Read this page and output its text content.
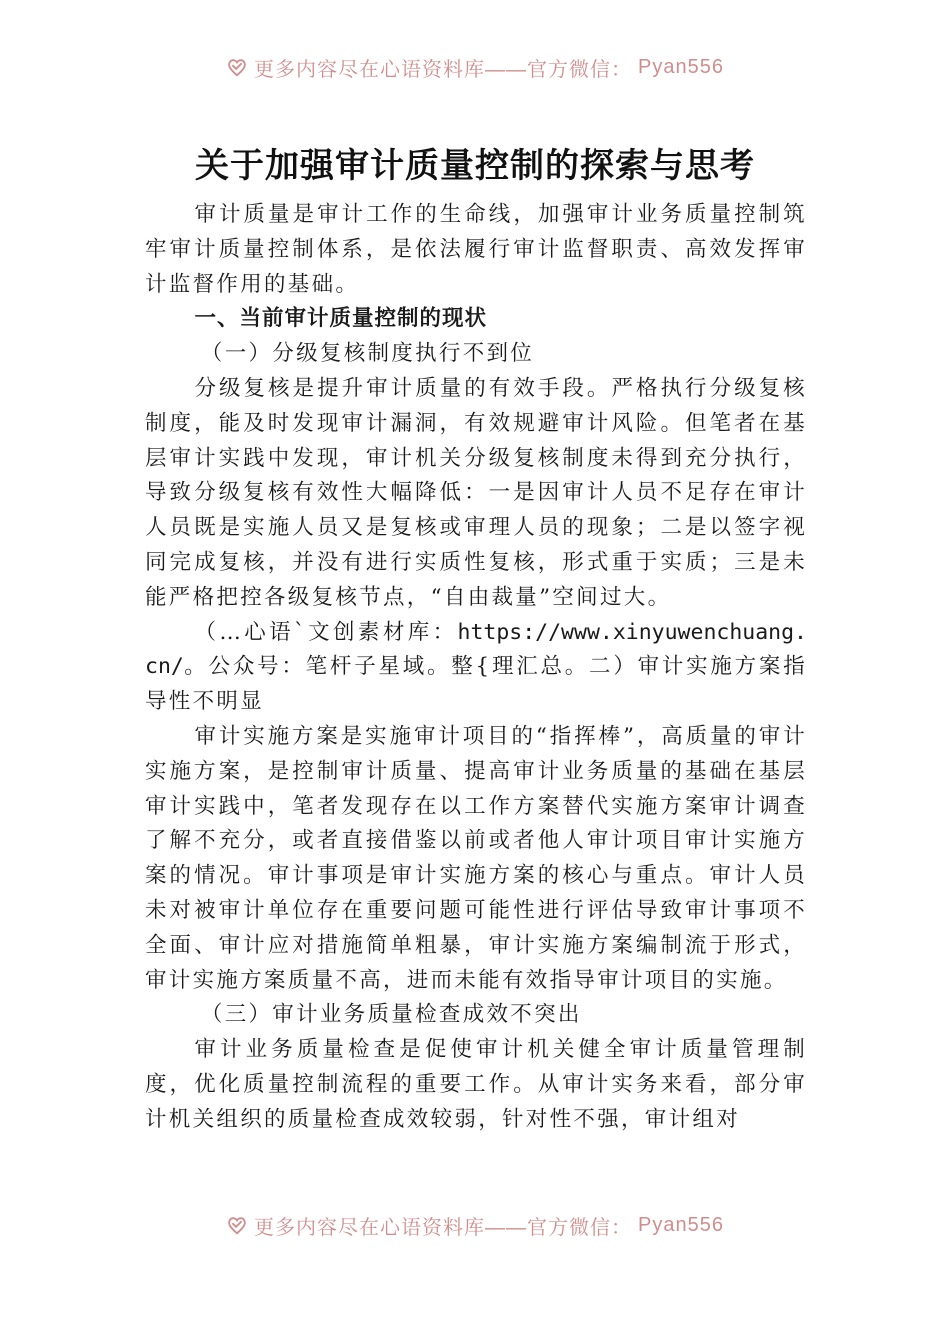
更多内容尽在心语资料库——官方微信： Pyan556
关于加强审计质量控制的探索与思考

审计质量是审计工作的生命线，加强审计业务质量控制筑牢审计质量控制体系，是依法履行审计监督职责、高效发挥审计监督作用的基础。

一、当前审计质量控制的现状

（一）分级复核制度执行不到位

分级复核是提升审计质量的有效手段。严格执行分级复核制度，能及时发现审计漏洞，有效规避审计风险。但笔者在基层审计实践中发现，审计机关分级复核制度未得到充分执行，导致分级复核有效性大幅降低：一是因审计人员不足存在审计人员既是实施人员又是复核或审理人员的现象；二是以签字视同完成复核，并没有进行实质性复核，形式重于实质；三是未能严格把控各级复核节点，“自由裁量”空间过大。

（…心语`文创素材库：https://www.xinyuwenchuang.cn/。公众号：笔杆子星域。整{理汇总。二）审计实施方案指导性不明显

审计实施方案是实施审计项目的“指挥棒”，高质量的审计实施方案，是控制审计质量、提高审计业务质量的基础在基层审计实践中，笔者发现存在以工作方案替代实施方案审计调查了解不充分，或者直接借鉴以前或者他人审计项目审计实施方案的情况。审计事项是审计实施方案的核心与重点。审计人员未对被审计单位存在重要问题可能性进行评估导致审计事项不全面、审计应对措施简单粗暴，审计实施方案编制流于形式，审计实施方案质量不高，进而未能有效指导审计项目的实施。

（三）审计业务质量检查成效不突出

审计业务质量检查是促使审计机关健全审计质量管理制度，优化质量控制流程的重要工作。从审计实务来看，部分审计机关组织的质量检查成效较弱，针对性不强，审计组对

更多内容尽在心语资料库——官方微信： Pyan556
